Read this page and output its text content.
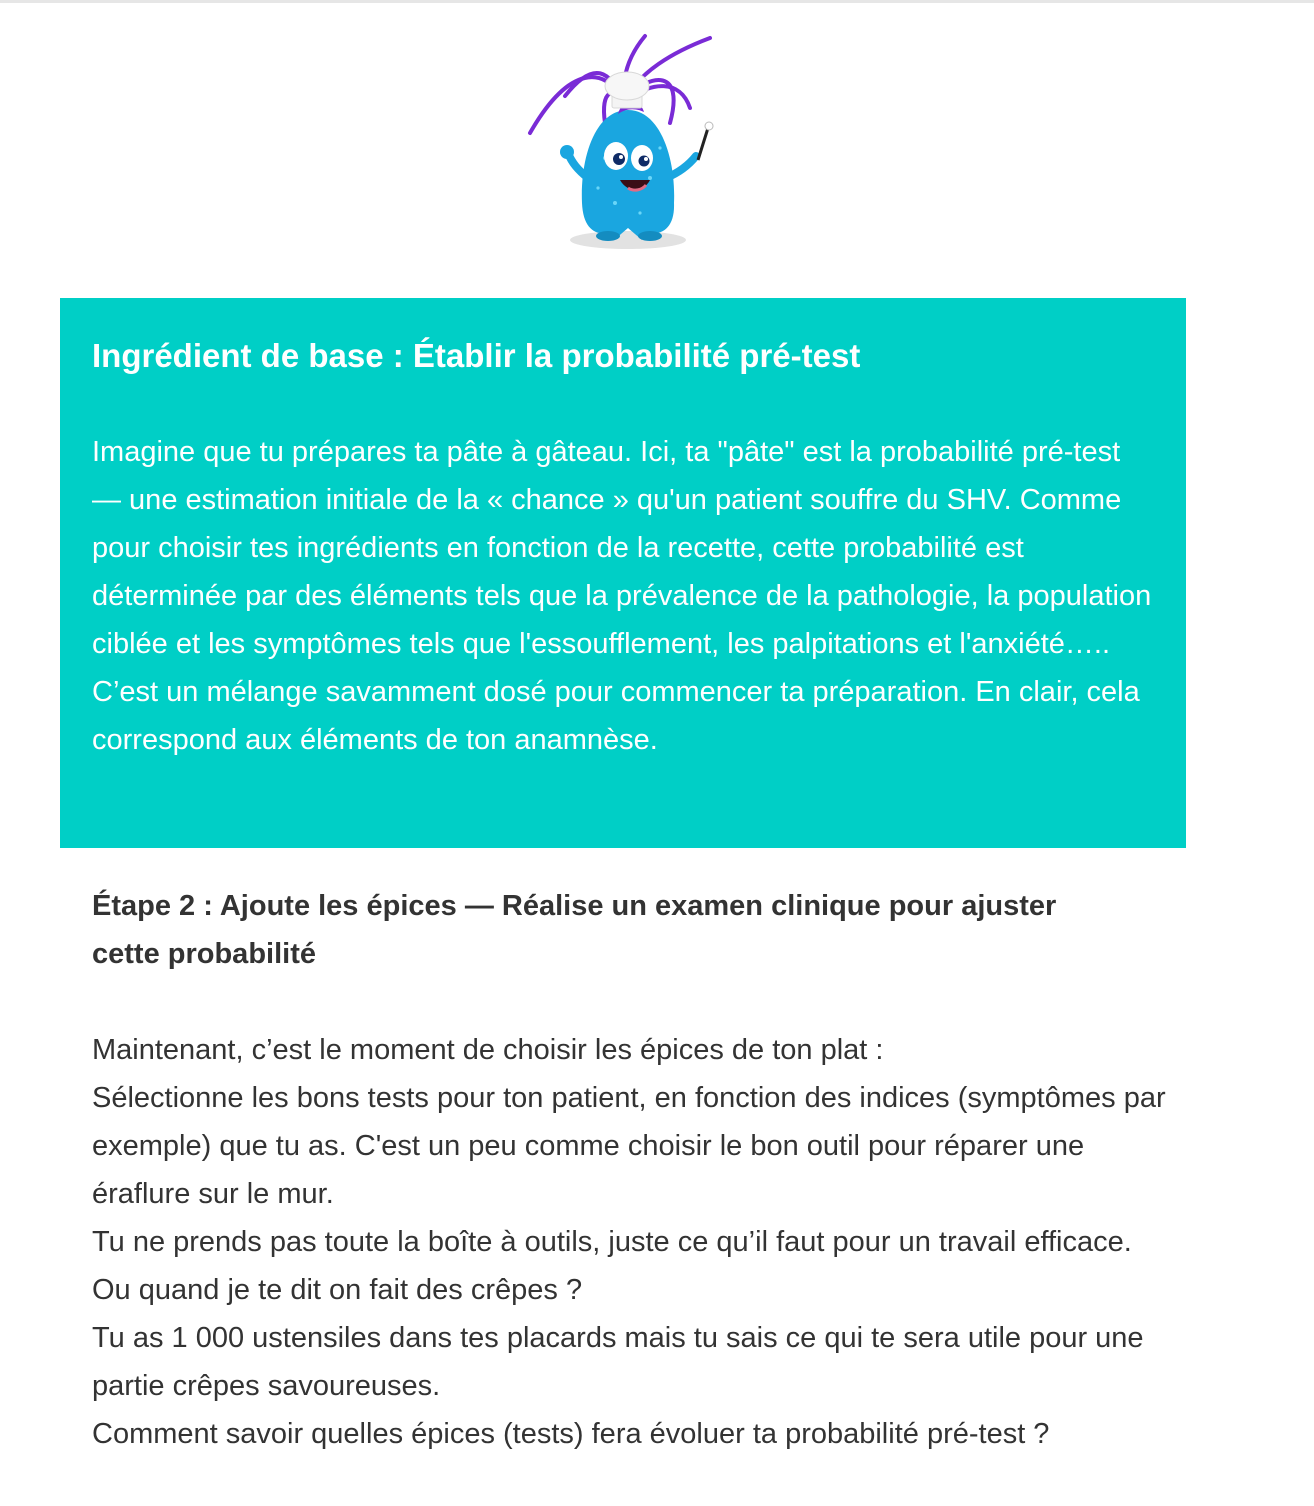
Ingrédient de base : Établir la probabilité pré-test

Imagine que tu prépares ta pâte à gâteau. Ici, ta "pâte" est la probabilité pré-test — une estimation initiale de la « chance » qu'un patient souffre du SHV. Comme pour choisir tes ingrédients en fonction de la recette, cette probabilité est déterminée par des éléments tels que la prévalence de la pathologie, la population ciblée et les symptômes tels que l'essoufflement, les palpitations et l'anxiété….. C’est un mélange savamment dosé pour commencer ta préparation. En clair, cela correspond aux éléments de ton anamnèse.

Étape 2 : Ajoute les épices — Réalise un examen clinique pour ajuster cette probabilité
Maintenant, c’est le moment de choisir les épices de ton plat :
Sélectionne les bons tests pour ton patient, en fonction des indices (symptômes par exemple) que tu as. C'est un peu comme choisir le bon outil pour réparer une éraflure sur le mur.
Tu ne prends pas toute la boîte à outils, juste ce qu’il faut pour un travail efficace.
Ou quand je te dit on fait des crêpes ?
Tu as 1 000 ustensiles dans tes placards mais tu sais ce qui te sera utile pour une partie crêpes savoureuses.
Comment savoir quelles épices (tests) fera évoluer ta probabilité pré-test ?
